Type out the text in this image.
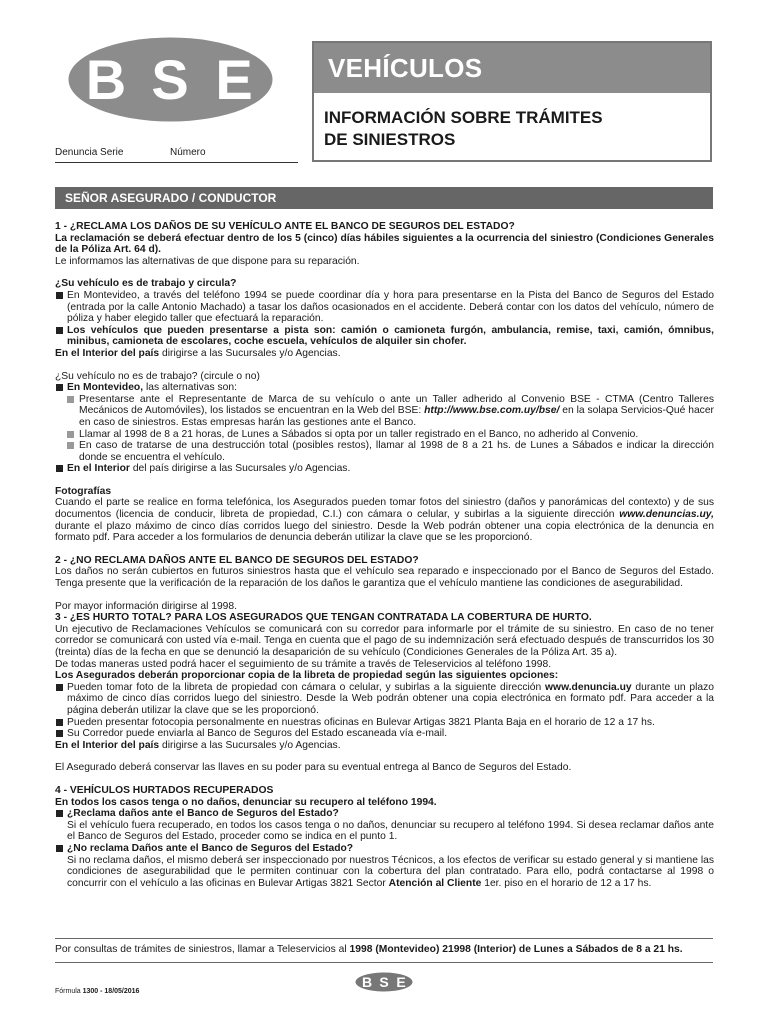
B S E
Denuncia Serie	Número
VEHÍCULOS
INFORMACIÓN SOBRE TRÁMITES
DE SINIESTROS
SEÑOR ASEGURADO / CONDUCTOR

1 - ¿RECLAMA LOS DAÑOS DE SU VEHÍCULO ANTE EL BANCO DE SEGUROS DEL ESTADO?

La reclamación se deberá efectuar dentro de los 5 (cinco) días hábiles siguientes a la ocurrencia del siniestro (Condiciones Generales de la Póliza Art. 64 d).

Le informamos las alternativas de que dispone para su reparación.

¿Su vehículo es de trabajo y circula?

En Montevideo, a través del teléfono 1994 se puede coordinar día y hora para presentarse en la Pista del Banco de Seguros del Estado (entrada por la calle Antonio Machado) a tasar los daños ocasionados en el accidente. Deberá contar con los datos del vehículo, número de póliza y haber elegido taller que efectuará la reparación.

Los vehículos que pueden presentarse a pista son: camión o camioneta furgón, ambulancia, remise, taxi, camión, ómnibus, minibus, camioneta de escolares, coche escuela, vehículos de alquiler sin chofer.

En el Interior del país dirigirse a las Sucursales y/o Agencias.

¿Su vehículo no es de trabajo? (circule o no)

En Montevideo, las alternativas son:

Presentarse ante el Representante de Marca de su vehículo o ante un Taller adherido al Convenio BSE - CTMA (Centro Talleres Mecánicos de Automóviles), los listados se encuentran en la Web del BSE: http://www.bse.com.uy/bse/ en la solapa Servicios-Qué hacer en caso de siniestros. Estas empresas harán las gestiones ante el Banco.

Llamar al 1998 de 8 a 21 horas, de Lunes a Sábados si opta por un taller registrado en el Banco, no adherido al Convenio.

En caso de tratarse de una destrucción total (posibles restos), llamar al 1998 de 8 a 21 hs. de Lunes a Sábados e indicar la dirección donde se encuentra el vehículo.

En el Interior del país dirigirse a las Sucursales y/o Agencias.

Fotografías

Cuando el parte se realice en forma telefónica, los Asegurados pueden tomar fotos del siniestro (daños y panorámicas del contexto) y de sus documentos (licencia de conducir, libreta de propiedad, C.I.) con cámara o celular, y subirlas a la siguiente dirección www.denuncias.uy, durante el plazo máximo de cinco días corridos luego del siniestro. Desde la Web podrán obtener una copia electrónica de la denuncia en formato pdf. Para acceder a los formularios de denuncia deberán utilizar la clave que se les proporcionó.

2 - ¿NO RECLAMA DAÑOS ANTE EL BANCO DE SEGUROS DEL ESTADO?

Los daños no serán cubiertos en futuros siniestros hasta que el vehículo sea reparado e inspeccionado por el Banco de Seguros del Estado. Tenga presente que la verificación de la reparación de los daños le garantiza que el vehículo mantiene las condiciones de asegurabilidad.

Por mayor información dirigirse al 1998.

3 - ¿ES HURTO TOTAL? PARA LOS ASEGURADOS QUE TENGAN CONTRATADA LA COBERTURA DE HURTO.

Un ejecutivo de Reclamaciones Vehículos se comunicará con su corredor para informarle por el trámite de su siniestro. En caso de no tener corredor se comunicará con usted vía e-mail. Tenga en cuenta que el pago de su indemnización será efectuado después de transcurridos los 30 (treinta) días de la fecha en que se denunció la desaparición de su vehículo (Condiciones Generales de la Póliza Art. 35 a).

De todas maneras usted podrá hacer el seguimiento de su trámite a través de Teleservicios al teléfono 1998.

Los Asegurados deberán proporcionar copia de la libreta de propiedad según las siguientes opciones:

Pueden tomar foto de la libreta de propiedad con cámara o celular, y subirlas a la siguiente dirección www.denuncia.uy durante un plazo máximo de cinco días corridos luego del siniestro. Desde la Web podrán obtener una copia electrónica en formato pdf. Para acceder a la página deberán utilizar la clave que se les proporcionó.

Pueden presentar fotocopia personalmente en nuestras oficinas en Bulevar Artigas 3821 Planta Baja en el horario de 12 a 17 hs.

Su Corredor puede enviarla al Banco de Seguros del Estado escaneada vía e-mail.

En el Interior del país dirigirse a las Sucursales y/o Agencias.

El Asegurado deberá conservar las llaves en su poder para su eventual entrega al Banco de Seguros del Estado.

4 - VEHÍCULOS HURTADOS RECUPERADOS

En todos los casos tenga o no daños, denunciar su recupero al teléfono 1994.

¿Reclama daños ante el Banco de Seguros del Estado?

Si el vehículo fuera recuperado, en todos los casos tenga o no daños, denunciar su recupero al teléfono 1994. Si desea reclamar daños ante el Banco de Seguros del Estado, proceder como se indica en el punto 1.

¿No reclama Daños ante el Banco de Seguros del Estado?

Si no reclama daños, el mismo deberá ser inspeccionado por nuestros Técnicos, a los efectos de verificar su estado general y si mantiene las condiciones de asegurabilidad que le permiten continuar con la cobertura del plan contratado. Para ello, podrá contactarse al 1998 o concurrir con el vehículo a las oficinas en Bulevar Artigas 3821 Sector Atención al Cliente 1er. piso en el horario de 12 a 17 hs.

Por consultas de trámites de siniestros, llamar a Teleservicios al 1998 (Montevideo) 21998 (Interior) de Lunes a Sábados de 8 a 21 hs.
B S E
Fórmula 1300 - 18/05/2016
